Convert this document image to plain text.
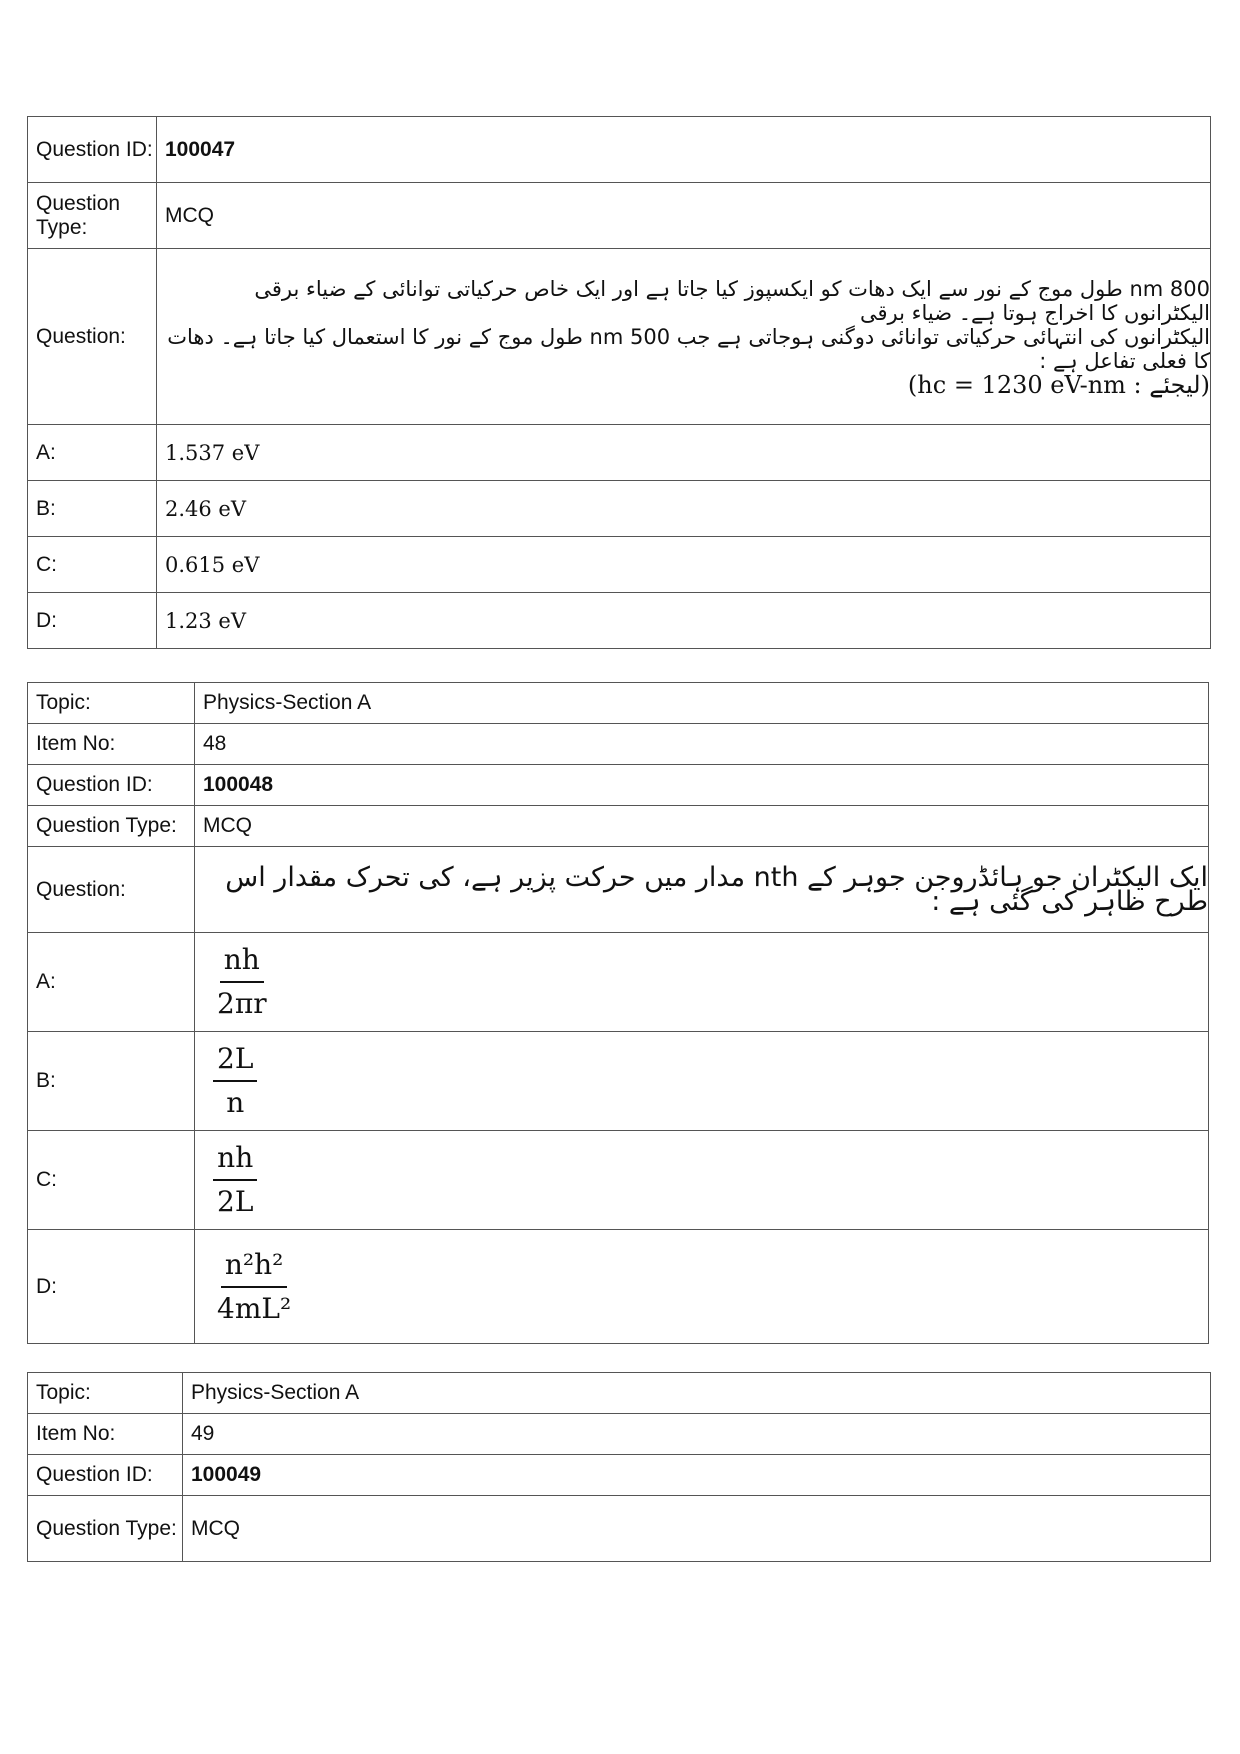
Question ID:	100047
Question Type:	MCQ
Question:	800 nm طول موج کے نور سے ایک دھات کو ایکسپوز کیا جاتا ہے اور ایک خاص حرکیاتی توانائی کے ضیاء برقی الیکٹرانوں کا اخراج ہوتا ہے۔ ضیاء برقی
الیکٹرانوں کی انتہائی حرکیاتی توانائی دوگنی ہوجاتی ہے جب 500 nm طول موج کے نور کا استعمال کیا جاتا ہے۔ دھات کا فعلی تفاعل ہے :
(hc = 1230 eV-nm : لیجئے)

A:	1.537 eV
B:	2.46 eV
C:	0.615 eV
D:	1.23 eV
Topic:	Physics-Section A
Item No:	48
Question ID:	100048
Question Type:	MCQ
Question:	ایک الیکٹران جو ہائڈروجن جوہر کے nth مدار میں حرکت پزیر ہے، کی تحرک مقدار اس طرح ظاہر کی گئی ہے :
A:	$\frac{nh}{2\pi r}$

B:	$\frac{2L}{n}$

C:	$\frac{nh}{2L}$

D:	$\frac{\text{n²h²}}{\text{4mL²}}$
Topic:	Physics-Section A
Item No:	49
Question ID:	100049
Question Type:	MCQ
